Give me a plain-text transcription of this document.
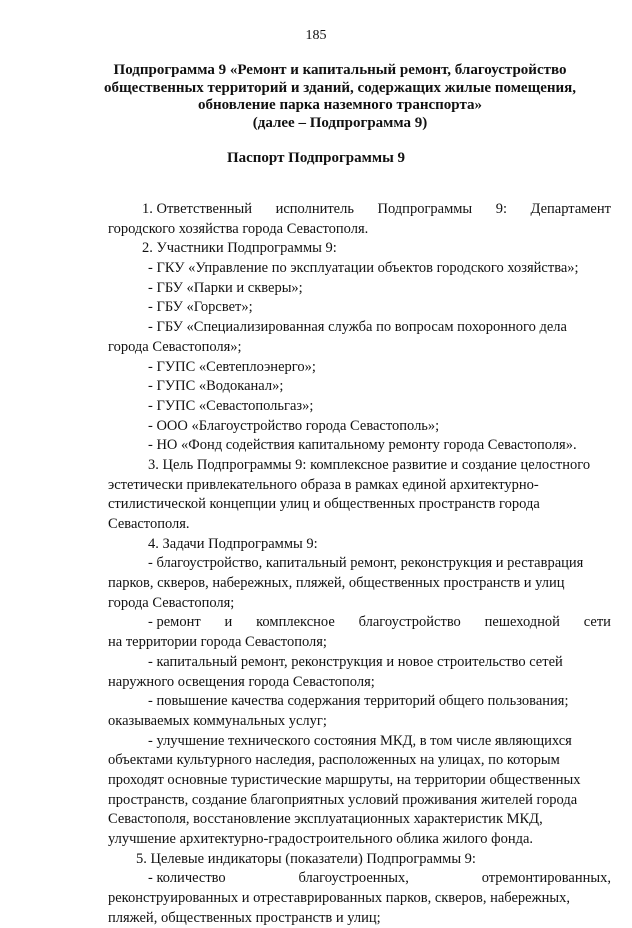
185
Подпрограмма 9 «Ремонт и капитальный ремонт, благоустройство
общественных территорий и зданий, содержащих жилые помещения,
обновление парка наземного транспорта»
(далее – Подпрограмма 9)
Паспорт Подпрограммы 9
1. Ответственный исполнитель Подпрограммы 9: Департамент
городского хозяйства города Севастополя.
2. Участники Подпрограммы 9:
- ГКУ «Управление по эксплуатации объектов городского хозяйства»;
- ГБУ «Парки и скверы»;
- ГБУ «Горсвет»;
- ГБУ «Специализированная служба по вопросам похоронного дела
города Севастополя»;
- ГУПС «Севтеплоэнерго»;
- ГУПС «Водоканал»;
- ГУПС «Севастопольгаз»;
- ООО «Благоустройство города Севастополь»;
- НО «Фонд содействия капитальному ремонту города Севастополя».
3. Цель Подпрограммы 9: комплексное развитие и создание целостного
эстетически привлекательного образа в рамках единой архитектурно-
стилистической концепции улиц и общественных пространств города
Севастополя.
4. Задачи Подпрограммы 9:
- благоустройство, капитальный ремонт, реконструкция и реставрация
парков, скверов, набережных, пляжей, общественных пространств и улиц
города Севастополя;
- ремонт и комплексное благоустройство пешеходной сети
на территории города Севастополя;
- капитальный ремонт, реконструкция и новое строительство сетей
наружного освещения города Севастополя;
- повышение качества содержания территорий общего пользования;
оказываемых коммунальных услуг;
- улучшение технического состояния МКД, в том числе являющихся
объектами культурного наследия, расположенных на улицах, по которым
проходят основные туристические маршруты, на территории общественных
пространств, создание благоприятных условий проживания жителей города
Севастополя, восстановление эксплуатационных характеристик МКД,
улучшение архитектурно-градостроительного облика жилого фонда.
5. Целевые индикаторы (показатели) Подпрограммы 9:
- количество	благоустроенных,	отремонтированных,
реконструированных и отреставрированных парков, скверов, набережных,
пляжей, общественных пространств и улиц;
